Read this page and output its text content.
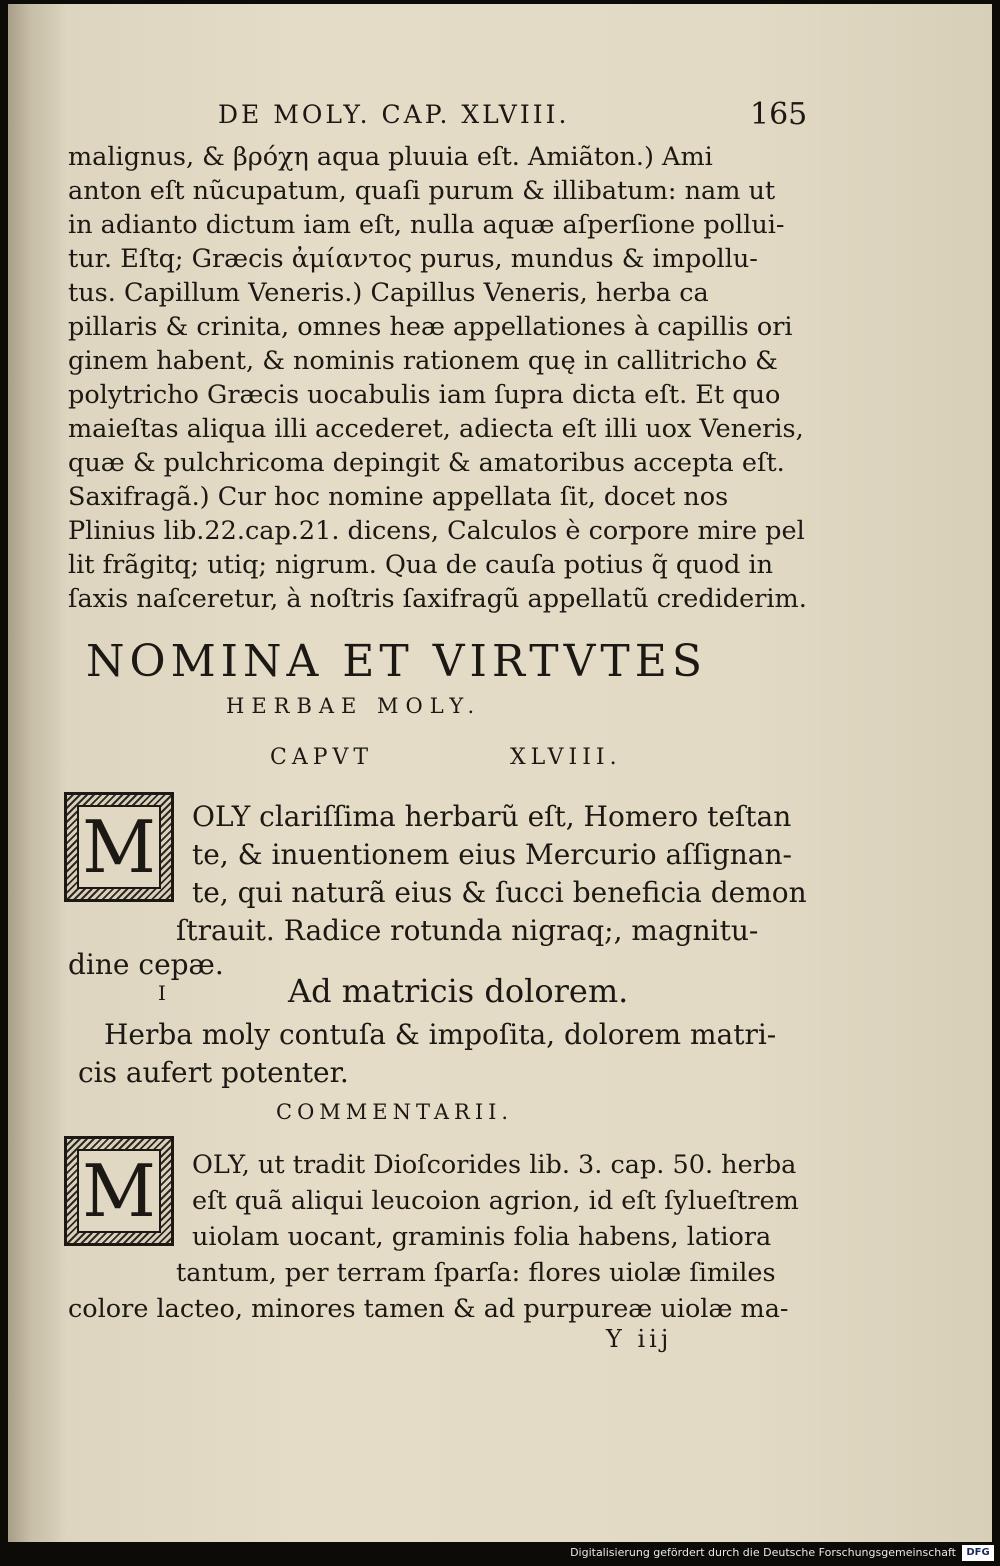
DE MOLY. CAP. XLVIII.	165
malignus, & βρόχη aqua pluuia eſt. Amiãton.) Ami
anton eſt nũcupatum, quaſi purum & illibatum: nam ut
in adianto dictum iam eſt, nulla aquæ aſperſione pollui-
tur. Eſtq; Græcis ἀμίαντος purus, mundus & impollu-
tus. Capillum Veneris.) Capillus Veneris, herba ca
pillaris & crinita, omnes heæ appellationes à capillis ori
ginem habent, & nominis rationem quę in callitricho &
polytricho Græcis uocabulis iam ſupra dicta eſt. Et quo
maieſtas aliqua illi accederet, adiecta eſt illi uox Veneris,
quæ & pulchricoma depingit & amatoribus accepta eſt.
Saxifragã.) Cur hoc nomine appellata ſit, docet nos
Plinius lib.22.cap.21. dicens, Calculos è corpore mire pel
lit frãgitq; utiq; nigrum. Qua de cauſa potius q̃ quod in
ſaxis naſceretur, à noſtris ſaxifragũ appellatũ crediderim.
NOMINA ET VIRTVTES
HERBAE MOLY.
CAPVT	XLVIII.
M OLY clariſſima herbarũ eſt, Homero teſtan
te, & inuentionem eius Mercurio aſſignan-
te, qui naturã eius & ſucci beneficia demon
ſtrauit. Radice rotunda nigraq;, magnitu-
dine cepæ.
I	Ad matricis dolorem.
Herba moly contuſa & impoſita, dolorem matri-
cis aufert potenter.
COMMENTARII.
M OLY, ut tradit Dioſcorides lib. 3. cap. 50. herba
eſt quã aliqui leucoion agrion, id eſt ſylueſtrem
uiolam uocant, graminis folia habens, latiora
tantum, per terram ſparſa: flores uiolæ ſimiles
colore lacteo, minores tamen & ad purpureæ uiolæ ma-
Y iij
Digitalisierung gefördert durch die Deutsche Forschungsgemeinschaft	DFG
